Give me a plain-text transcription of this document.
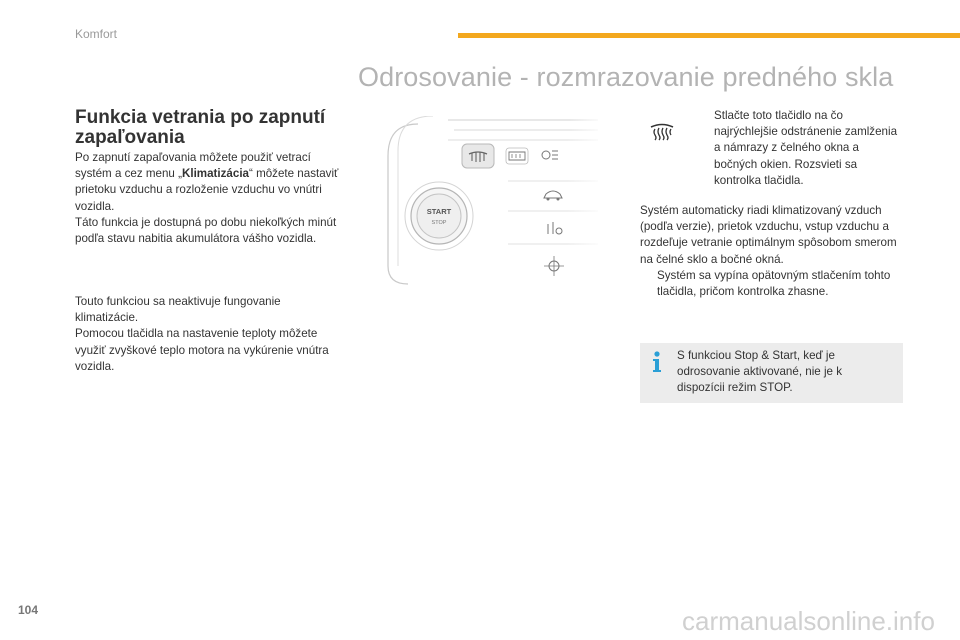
Komfort
Odrosovanie - rozmrazovanie predného skla
Funkcia vetrania po zapnutí zapaľovania
Po zapnutí zapaľovania môžete použiť vetrací systém a cez menu „Klimatizácia“ môžete nastaviť prietoku vzduchu a rozloženie vzduchu vo vnútri vozidla.
Táto funkcia je dostupná po dobu niekoľkých minút podľa stavu nabitia akumulátora vášho vozidla.
Touto funkciou sa neaktivuje fungovanie klimatizácie.
Pomocou tlačidla na nastavenie teploty môžete využiť zvyškové teplo motora na vykúrenie vnútra vozidla.
START
STOP
Stlačte toto tlačidlo na čo najrýchlejšie odstránenie zamlženia a námrazy z čelného okna a bočných okien. Rozsvieti sa kontrolka tlačidla.
Systém automaticky riadi klimatizovaný vzduch (podľa verzie), prietok vzduchu, vstup vzduchu a rozdeľuje vetranie optimálnym spôsobom smerom na čelné sklo a bočné okná.
Systém sa vypína opätovným stlačením tohto tlačidla, pričom kontrolka zhasne.
S funkciou Stop & Start, keď je odrosovanie aktivované, nie je k dispozícii režim STOP.
104	carmanualsonline.info
